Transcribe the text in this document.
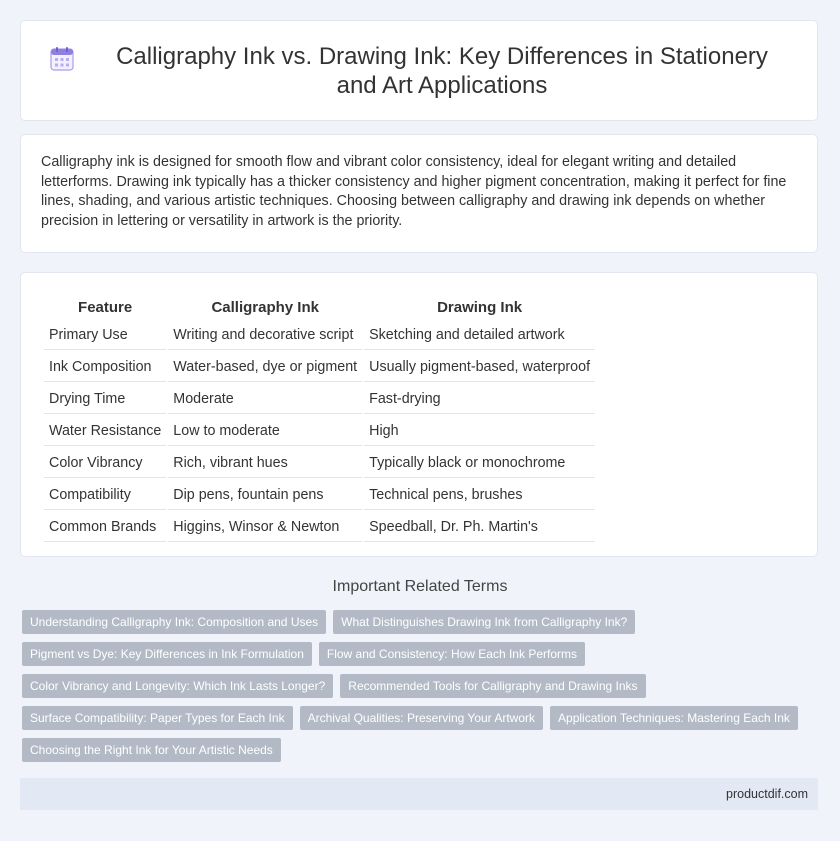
Calligraphy Ink vs. Drawing Ink: Key Differences in Stationery and Art Applications

Calligraphy ink is designed for smooth flow and vibrant color consistency, ideal for elegant writing and detailed letterforms. Drawing ink typically has a thicker consistency and higher pigment concentration, making it perfect for fine lines, shading, and various artistic techniques. Choosing between calligraphy and drawing ink depends on whether precision in lettering or versatility in artwork is the priority.

Feature	Calligraphy Ink	Drawing Ink
Primary Use	Writing and decorative script	Sketching and detailed artwork
Ink Composition	Water-based, dye or pigment	Usually pigment-based, waterproof
Drying Time	Moderate	Fast-drying
Water Resistance	Low to moderate	High
Color Vibrancy	Rich, vibrant hues	Typically black or monochrome
Compatibility	Dip pens, fountain pens	Technical pens, brushes
Common Brands	Higgins, Winsor & Newton	Speedball, Dr. Ph. Martin's
Important Related Terms
Understanding Calligraphy Ink: Composition and Uses	What Distinguishes Drawing Ink from Calligraphy Ink?
Pigment vs Dye: Key Differences in Ink Formulation	Flow and Consistency: How Each Ink Performs
Color Vibrancy and Longevity: Which Ink Lasts Longer?	Recommended Tools for Calligraphy and Drawing Inks
Surface Compatibility: Paper Types for Each Ink	Archival Qualities: Preserving Your Artwork	Application Techniques: Mastering Each Ink
Choosing the Right Ink for Your Artistic Needs
productdif.com
